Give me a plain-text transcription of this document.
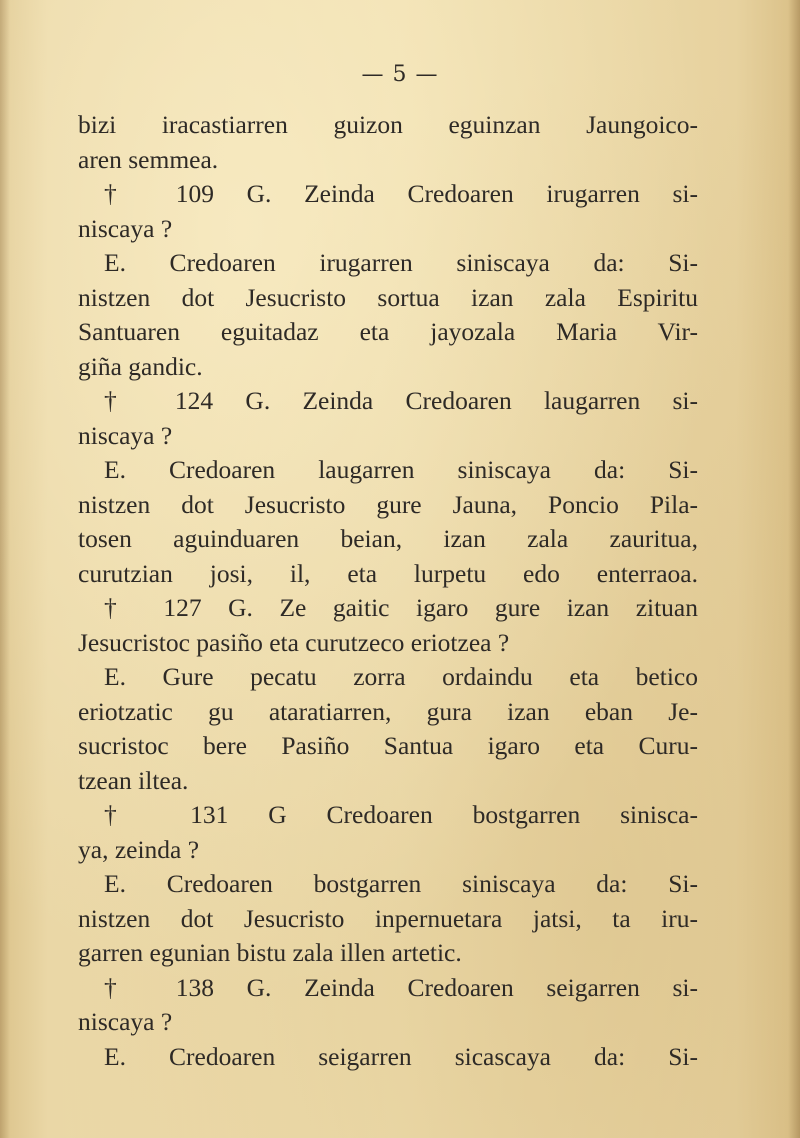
— 5 —
bizi iracastiarren guizon eguinzan Jaungoico-
aren semmea.
† 109 G. Zeinda Credoaren irugarren si-
niscaya ?
E. Credoaren irugarren siniscaya da: Si-
nistzen dot Jesucristo sortua izan zala Espiritu
Santuaren eguitadaz eta jayozala Maria Vir-
giña gandic.
† 124 G. Zeinda Credoaren laugarren si-
niscaya ?
E. Credoaren laugarren siniscaya da: Si-
nistzen dot Jesucristo gure Jauna, Poncio Pila-
tosen aguinduaren beian, izan zala zauritua,
curutzian josi, il, eta lurpetu edo enterraoa.
† 127 G. Ze gaitic igaro gure izan zituan
Jesucristoc pasiño eta curutzeco eriotzea ?
E. Gure pecatu zorra ordaindu eta betico
eriotzatic gu ataratiarren, gura izan eban Je-
sucristoc bere Pasiño Santua igaro eta Curu-
tzean iltea.
† 131 G Credoaren bostgarren sinisca-
ya, zeinda ?
E. Credoaren bostgarren siniscaya da: Si-
nistzen dot Jesucristo inpernuetara jatsi, ta iru-
garren egunian bistu zala illen artetic.
† 138 G. Zeinda Credoaren seigarren si-
niscaya ?
E. Credoaren seigarren sicascaya da: Si-
